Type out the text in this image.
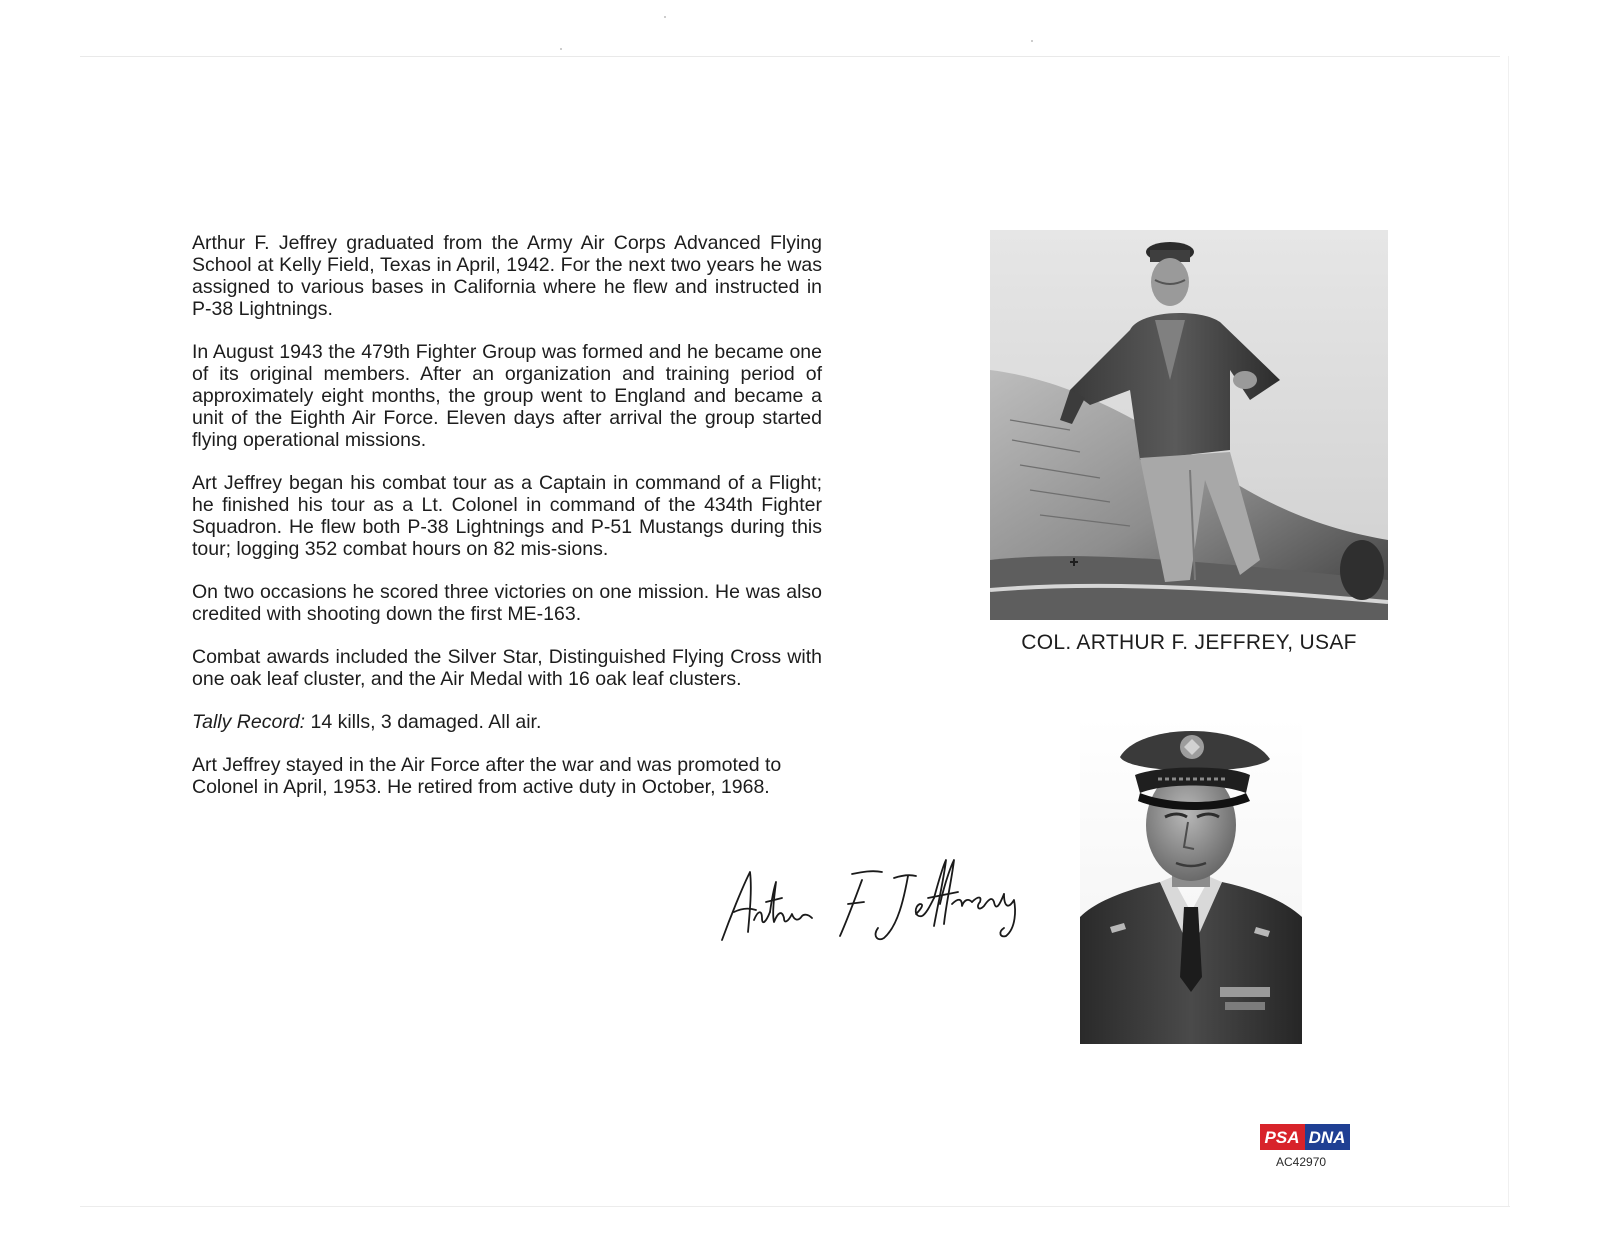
Arthur F. Jeffrey graduated from the Army Air Corps Advanced Flying School at Kelly Field, Texas in April, 1942. For the next two years he was assigned to various bases in California where he flew and instructed in P-38 Lightnings.

In August 1943 the 479th Fighter Group was formed and he became one of its original members. After an organization and training period of approximately eight months, the group went to England and became a unit of the Eighth Air Force. Eleven days after arrival the group started flying operational missions.

Art Jeffrey began his combat tour as a Captain in command of a Flight; he finished his tour as a Lt. Colonel in command of the 434th Fighter Squadron. He flew both P-38 Lightnings and P-51 Mustangs during this tour; logging 352 combat hours on 82 mis-sions.

On two occasions he scored three victories on one mission. He was also credited with shooting down the first ME-163.

Combat awards included the Silver Star, Distinguished Flying Cross with one oak leaf cluster, and the Air Medal with 16 oak leaf clusters.

Tally Record: 14 kills, 3 damaged. All air.

Art Jeffrey stayed in the Air Force after the war and was promoted to Colonel in April, 1953. He retired from active duty in October, 1968.

COL. ARTHUR F. JEFFREY, USAF
PSA DNA
AC42970
